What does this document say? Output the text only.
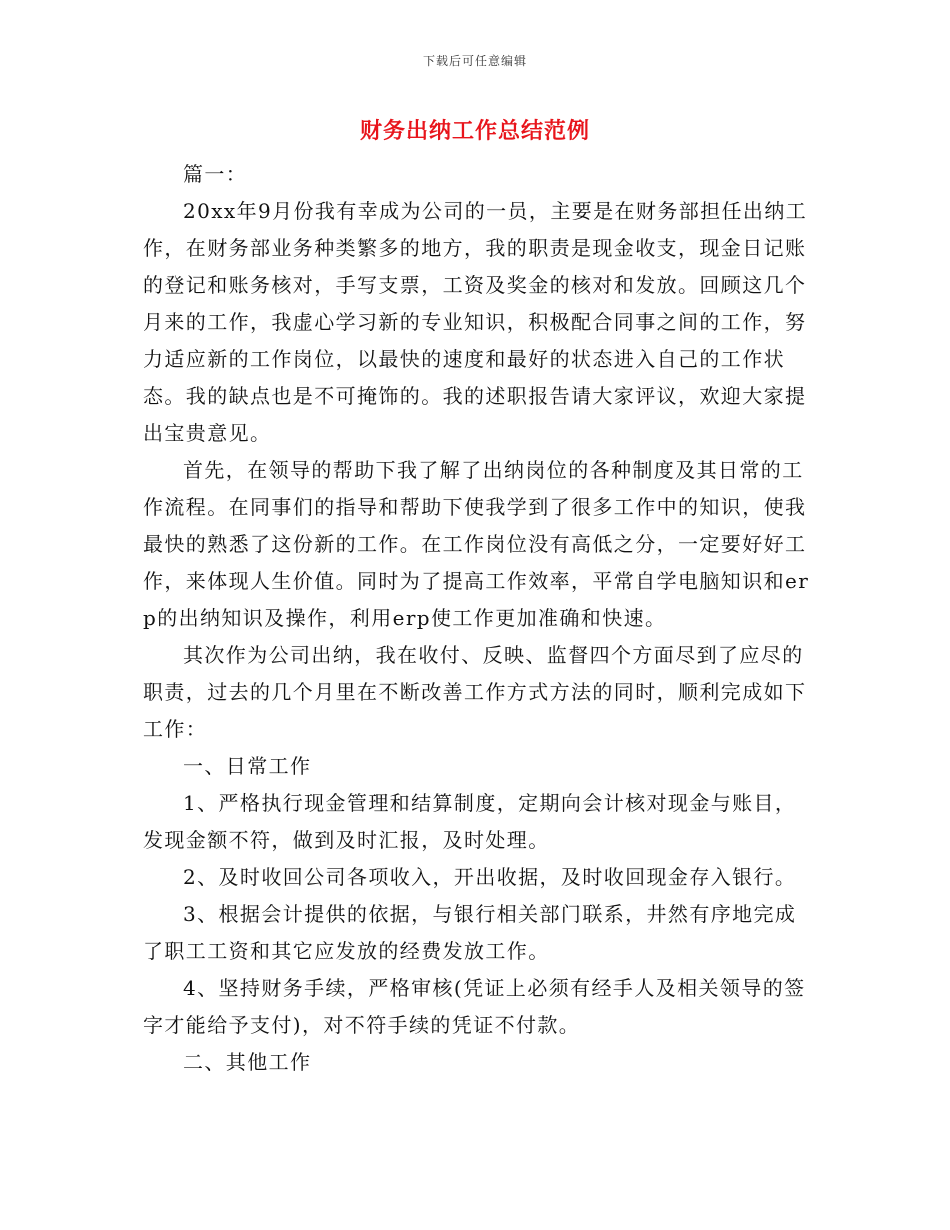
下载后可任意编辑
财务出纳工作总结范例

篇一：

20xx年9月份我有幸成为公司的一员，主要是在财务部担任出纳工作，在财务部业务种类繁多的地方，我的职责是现金收支，现金日记账的登记和账务核对，手写支票，工资及奖金的核对和发放。回顾这几个月来的工作，我虚心学习新的专业知识，积极配合同事之间的工作，努力适应新的工作岗位，以最快的速度和最好的状态进入自己的工作状态。我的缺点也是不可掩饰的。我的述职报告请大家评议，欢迎大家提出宝贵意见。

首先，在领导的帮助下我了解了出纳岗位的各种制度及其日常的工作流程。在同事们的指导和帮助下使我学到了很多工作中的知识，使我最快的熟悉了这份新的工作。在工作岗位没有高低之分，一定要好好工作，来体现人生价值。同时为了提高工作效率，平常自学电脑知识和erp的出纳知识及操作，利用erp使工作更加准确和快速。

其次作为公司出纳，我在收付、反映、监督四个方面尽到了应尽的职责，过去的几个月里在不断改善工作方式方法的同时，顺利完成如下工作：

一、日常工作

1、严格执行现金管理和结算制度，定期向会计核对现金与账目，发现金额不符，做到及时汇报，及时处理。

2、及时收回公司各项收入，开出收据，及时收回现金存入银行。

3、根据会计提供的依据，与银行相关部门联系，井然有序地完成了职工工资和其它应发放的经费发放工作。

4、坚持财务手续，严格审核(凭证上必须有经手人及相关领导的签字才能给予支付)，对不符手续的凭证不付款。

二、其他工作
